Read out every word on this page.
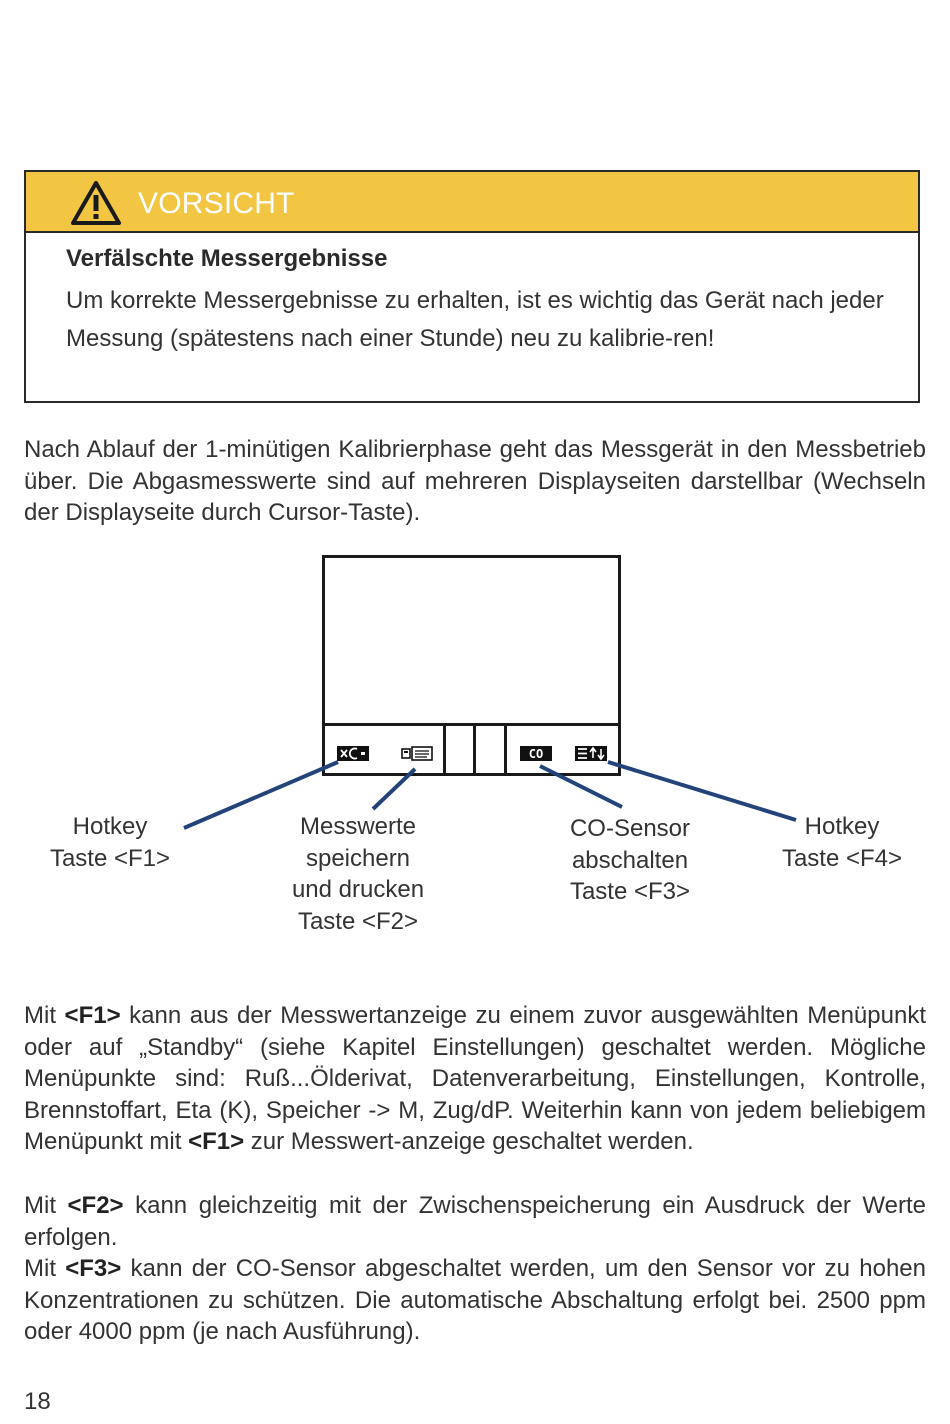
VORSICHT
Verfälschte Messergebnisse
Um korrekte Messergebnisse zu erhalten, ist es wichtig das Gerät nach jeder Messung (spätestens nach einer Stunde) neu zu kalibrie-ren!
Nach Ablauf der 1-minütigen Kalibrierphase geht das Messgerät in den Messbetrieb über. Die Abgasmesswerte sind auf mehreren Displayseiten darstellbar (Wechseln der Displayseite durch Cursor-Taste).
CO
Hotkey
Taste <F1>
Messwerte
speichern
und drucken
Taste <F2>
CO-Sensor
abschalten
Taste <F3>
Hotkey
Taste <F4>
Mit <F1> kann aus der Messwertanzeige zu einem zuvor ausgewählten Menüpunkt oder auf „Standby“ (siehe Kapitel Einstellungen) geschaltet werden. Mögliche Menüpunkte sind: Ruß...Ölderivat, Datenverarbeitung, Einstellungen, Kontrolle, Brennstoffart, Eta (K), Speicher -> M, Zug/dP. Weiterhin kann von jedem beliebigem Menüpunkt mit <F1> zur Messwert-anzeige geschaltet werden.
Mit <F2> kann gleichzeitig mit der Zwischenspeicherung ein Ausdruck der Werte erfolgen.
Mit <F3> kann der CO-Sensor abgeschaltet werden, um den Sensor vor zu hohen Konzentrationen zu schützen. Die automatische Abschaltung erfolgt bei. 2500 ppm oder 4000 ppm (je nach Ausführung).
18
